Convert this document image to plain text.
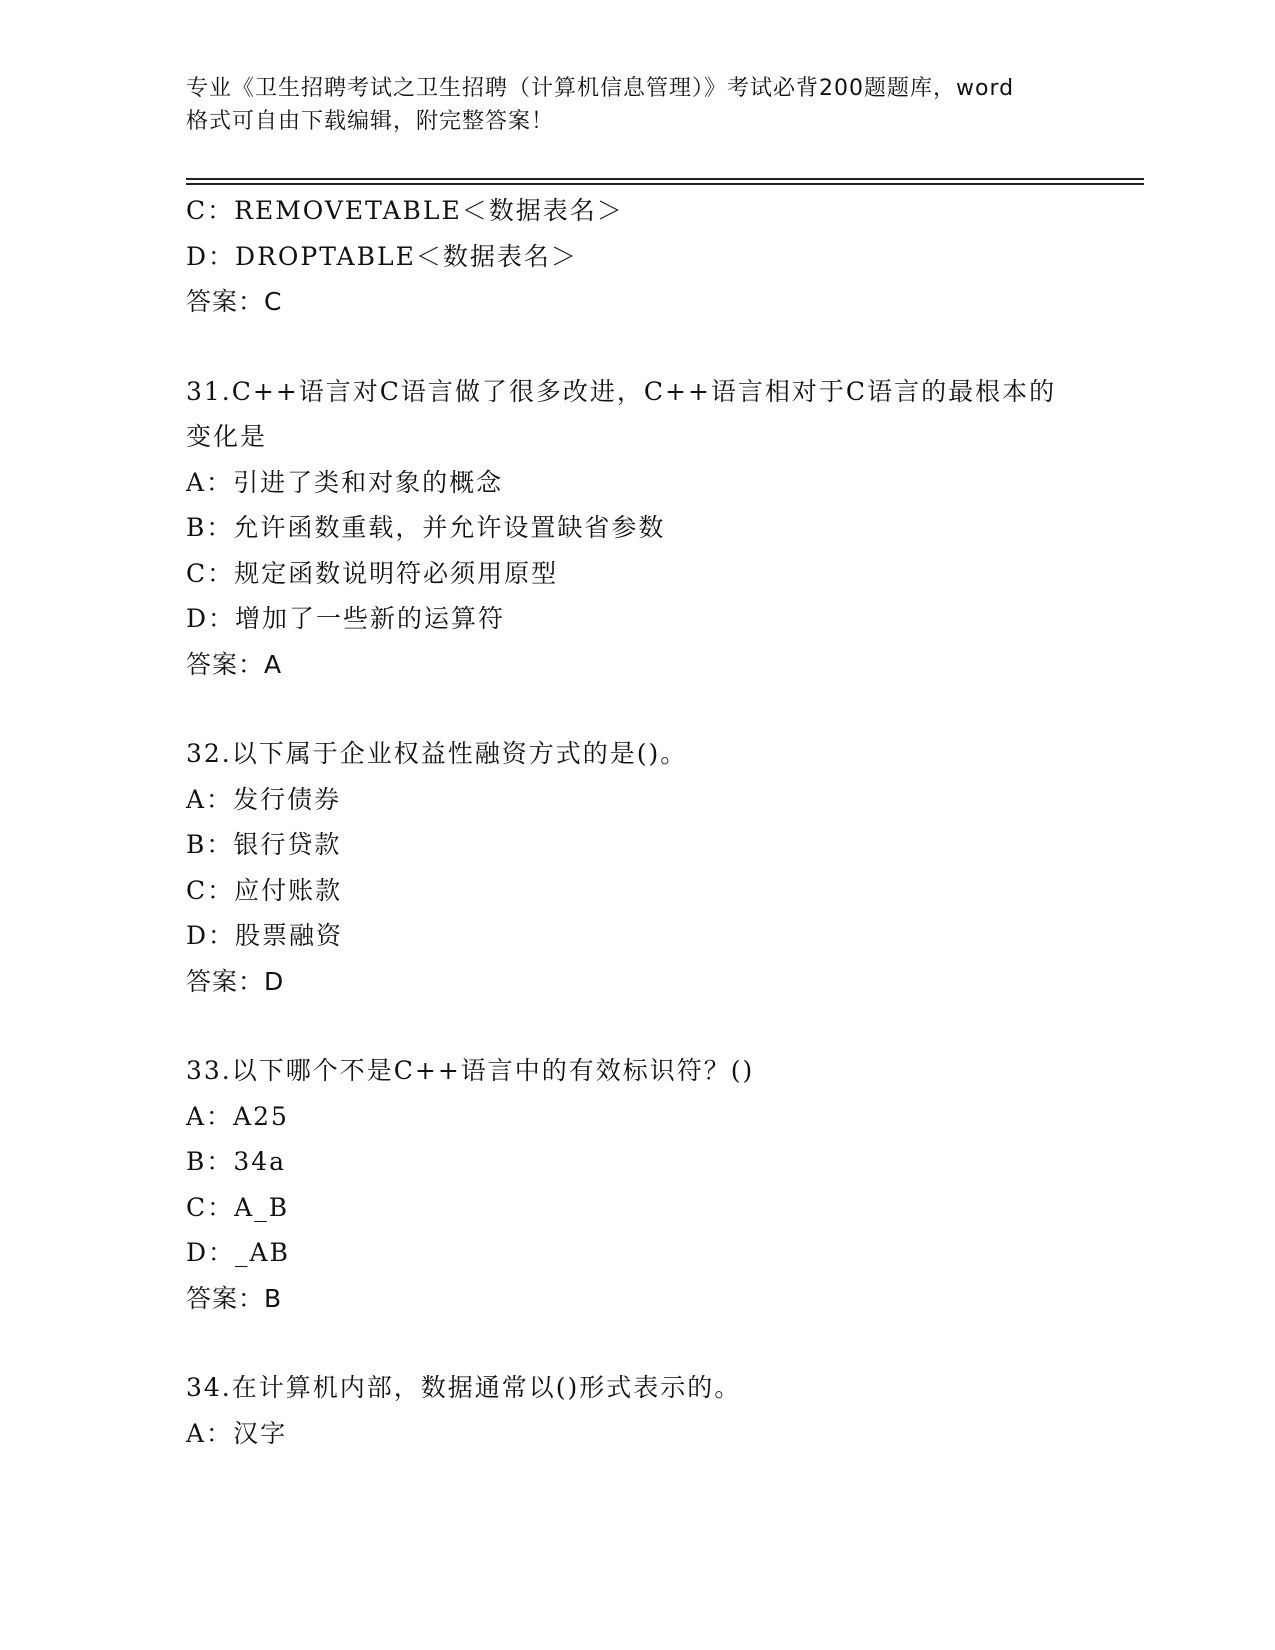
专业《卫生招聘考试之卫生招聘（计算机信息管理）》考试必背200题题库，word
格式可自由下载编辑，附完整答案！
C：REMOVETABLE＜数据表名＞
D：DROPTABLE＜数据表名＞
答案：C
31.C++语言对C语言做了很多改进，C++语言相对于C语言的最根本的
变化是
A：引进了类和对象的概念
B：允许函数重载，并允许设置缺省参数
C：规定函数说明符必须用原型
D：增加了一些新的运算符
答案：A
32.以下属于企业权益性融资方式的是()。
A：发行债券
B：银行贷款
C：应付账款
D：股票融资
答案：D
33.以下哪个不是C++语言中的有效标识符？()
A：A25
B：34a
C：A_B
D：_AB
答案：B
34.在计算机内部，数据通常以()形式表示的。
A：汉字
